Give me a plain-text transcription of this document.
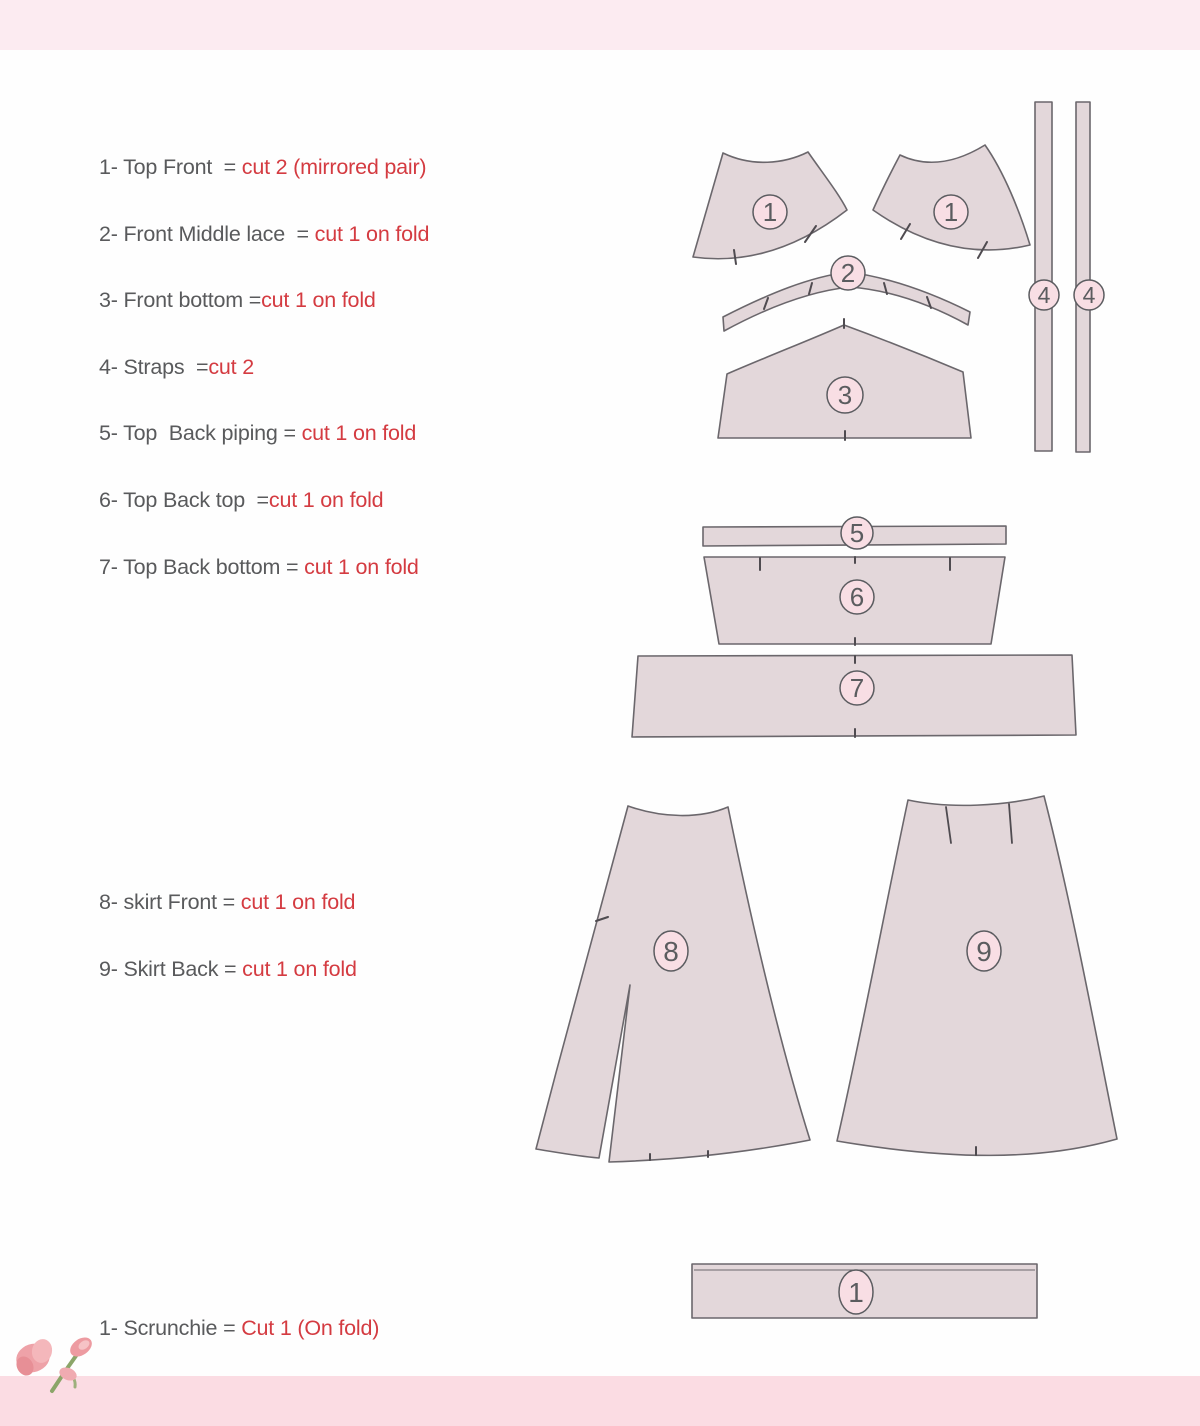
1- Top Front  = cut 2 (mirrored pair)

2- Front Middle lace  = cut 1 on fold

3- Front bottom =cut 1 on fold

4- Straps  =cut 2

5- Top  Back piping = cut 1 on fold

6- Top Back top  =cut 1 on fold

7- Top Back bottom = cut 1 on fold

8- skirt Front = cut 1 on fold

9- Skirt Back = cut 1 on fold

1- Scrunchie = Cut 1 (On fold)

1	1
2
3
4 4
5
6
7
8	9
1
